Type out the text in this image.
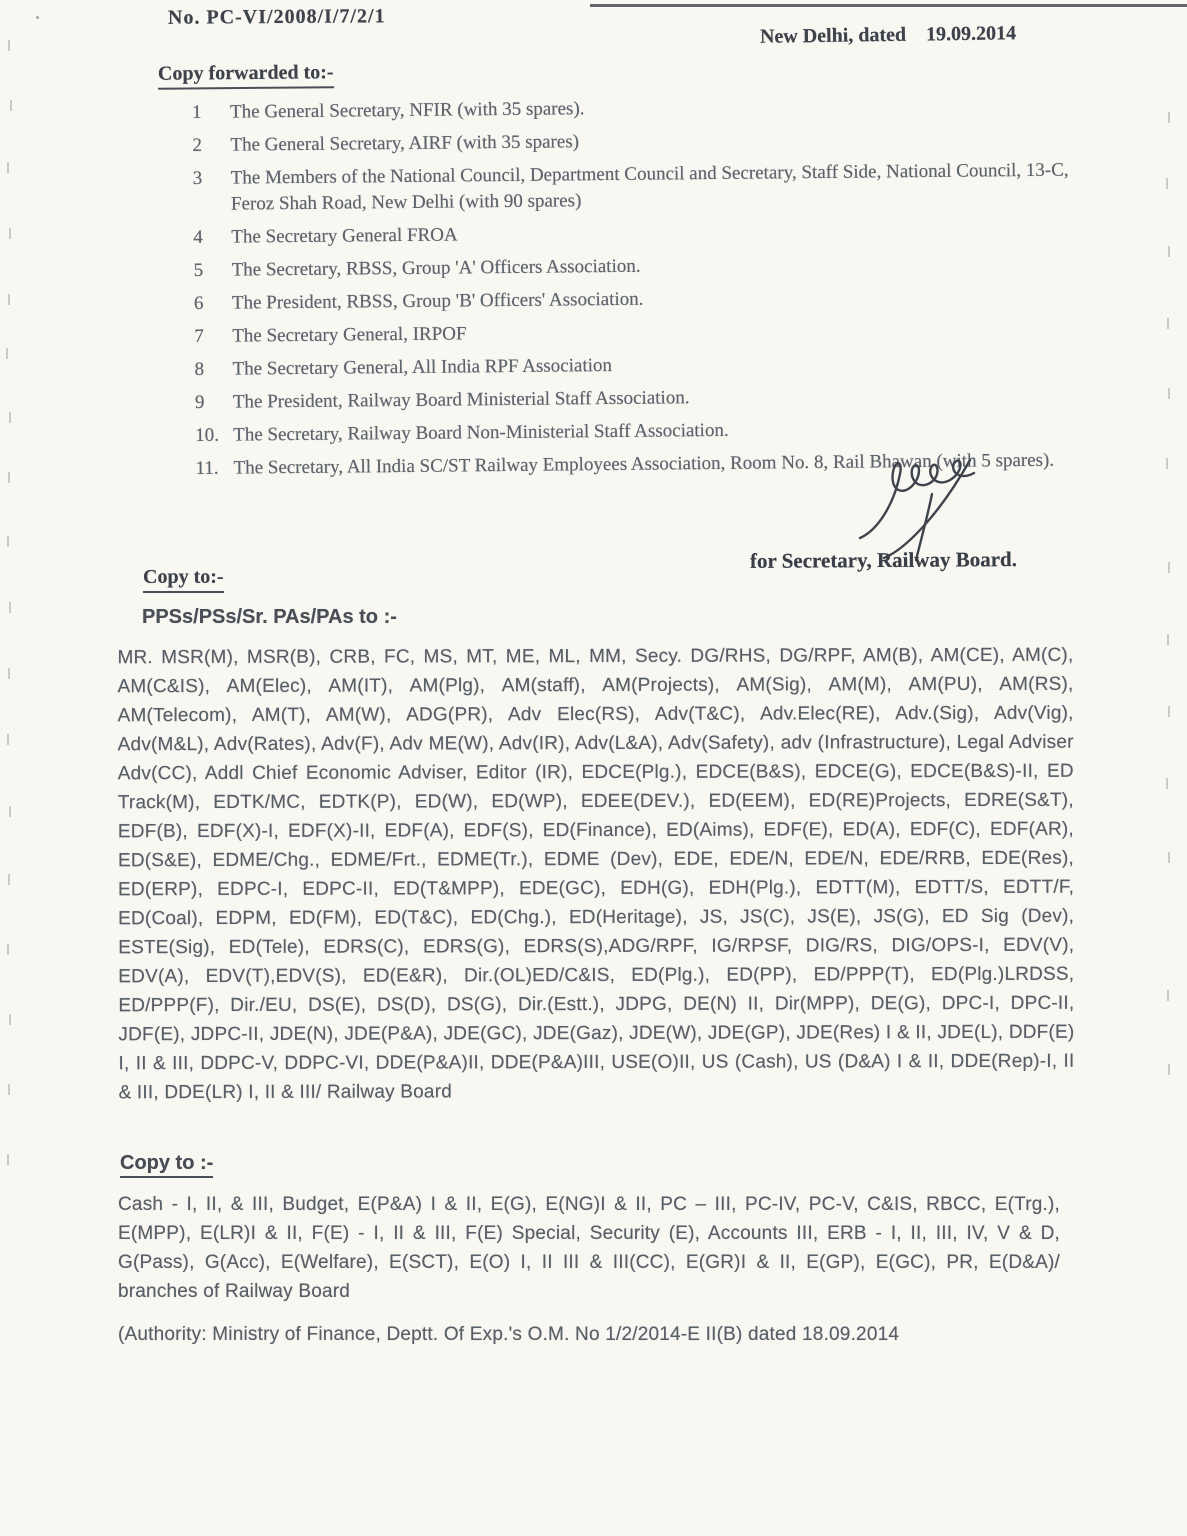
No. PC-VI/2008/I/7/2/1
New Delhi, dated    19.09.2014
Copy forwarded to:-
1	The General Secretary, NFIR (with 35 spares).
2	The General Secretary, AIRF (with 35 spares)
3	The Members of the National Council, Department Council and Secretary, Staff Side, National Council, 13-C, Feroz Shah Road, New Delhi (with 90 spares)
4	The Secretary General FROA
5	The Secretary, RBSS, Group 'A' Officers Association.
6	The President, RBSS, Group 'B' Officers' Association.
7	The Secretary General, IRPOF
8	The Secretary General, All India RPF Association
9	The President, Railway Board Ministerial Staff Association.
10. The Secretary, Railway Board Non-Ministerial Staff Association.
11. The Secretary, All India SC/ST Railway Employees Association, Room No. 8, Rail Bhawan (with 5 spares).
for Secretary, Railway Board.
Copy to:-
PPSs/PSs/Sr. PAs/PAs to :-
MR. MSR(M), MSR(B), CRB, FC, MS, MT, ME, ML, MM, Secy. DG/RHS, DG/RPF, AM(B), AM(CE), AM(C), AM(C&IS), AM(Elec), AM(IT), AM(Plg), AM(staff), AM(Projects), AM(Sig), AM(M), AM(PU), AM(RS), AM(Telecom), AM(T), AM(W), ADG(PR), Adv Elec(RS), Adv(T&C), Adv.Elec(RE), Adv.(Sig), Adv(Vig), Adv(M&L), Adv(Rates), Adv(F), Adv ME(W), Adv(IR), Adv(L&A), Adv(Safety), adv (Infrastructure), Legal Adviser Adv(CC), Addl Chief Economic Adviser, Editor (IR), EDCE(Plg.), EDCE(B&S), EDCE(G), EDCE(B&S)-II, ED Track(M), EDTK/MC, EDTK(P), ED(W), ED(WP), EDEE(DEV.), ED(EEM), ED(RE)Projects, EDRE(S&T), EDF(B), EDF(X)-I, EDF(X)-II, EDF(A), EDF(S), ED(Finance), ED(Aims), EDF(E), ED(A), EDF(C), EDF(AR), ED(S&E), EDME/Chg., EDME/Frt., EDME(Tr.), EDME (Dev), EDE, EDE/N, EDE/N, EDE/RRB, EDE(Res), ED(ERP), EDPC-I, EDPC-II, ED(T&MPP), EDE(GC), EDH(G), EDH(Plg.), EDTT(M), EDTT/S, EDTT/F, ED(Coal), EDPM, ED(FM), ED(T&C), ED(Chg.), ED(Heritage), JS, JS(C), JS(E), JS(G), ED Sig (Dev), ESTE(Sig), ED(Tele), EDRS(C), EDRS(G), EDRS(S),ADG/RPF, IG/RPSF, DIG/RS, DIG/OPS-I, EDV(V), EDV(A), EDV(T),EDV(S), ED(E&R), Dir.(OL)ED/C&IS, ED(Plg.), ED(PP), ED/PPP(T), ED(Plg.)LRDSS, ED/PPP(F), Dir./EU, DS(E), DS(D), DS(G), Dir.(Estt.), JDPG, DE(N) II, Dir(MPP), DE(G), DPC-I, DPC-II, JDF(E), JDPC-II, JDE(N), JDE(P&A), JDE(GC), JDE(Gaz), JDE(W), JDE(GP), JDE(Res) I & II, JDE(L), DDF(E) I, II & III, DDPC-V, DDPC-VI, DDE(P&A)II, DDE(P&A)III, USE(O)II, US (Cash), US (D&A) I & II, DDE(Rep)-I, II & III, DDE(LR) I, II & III/ Railway Board
Copy to :-
Cash - I, II, & III, Budget, E(P&A) I & II, E(G), E(NG)I & II, PC – III, PC-IV, PC-V, C&IS, RBCC, E(Trg.), E(MPP), E(LR)I & II, F(E) - I, II & III, F(E) Special, Security (E), Accounts III, ERB - I, II, III, IV, V & D, G(Pass), G(Acc), E(Welfare), E(SCT), E(O) I, II III & III(CC), E(GR)I & II, E(GP), E(GC), PR, E(D&A)/ branches of Railway Board
(Authority: Ministry of Finance, Deptt. Of Exp.'s O.M. No 1/2/2014-E II(B) dated 18.09.2014
